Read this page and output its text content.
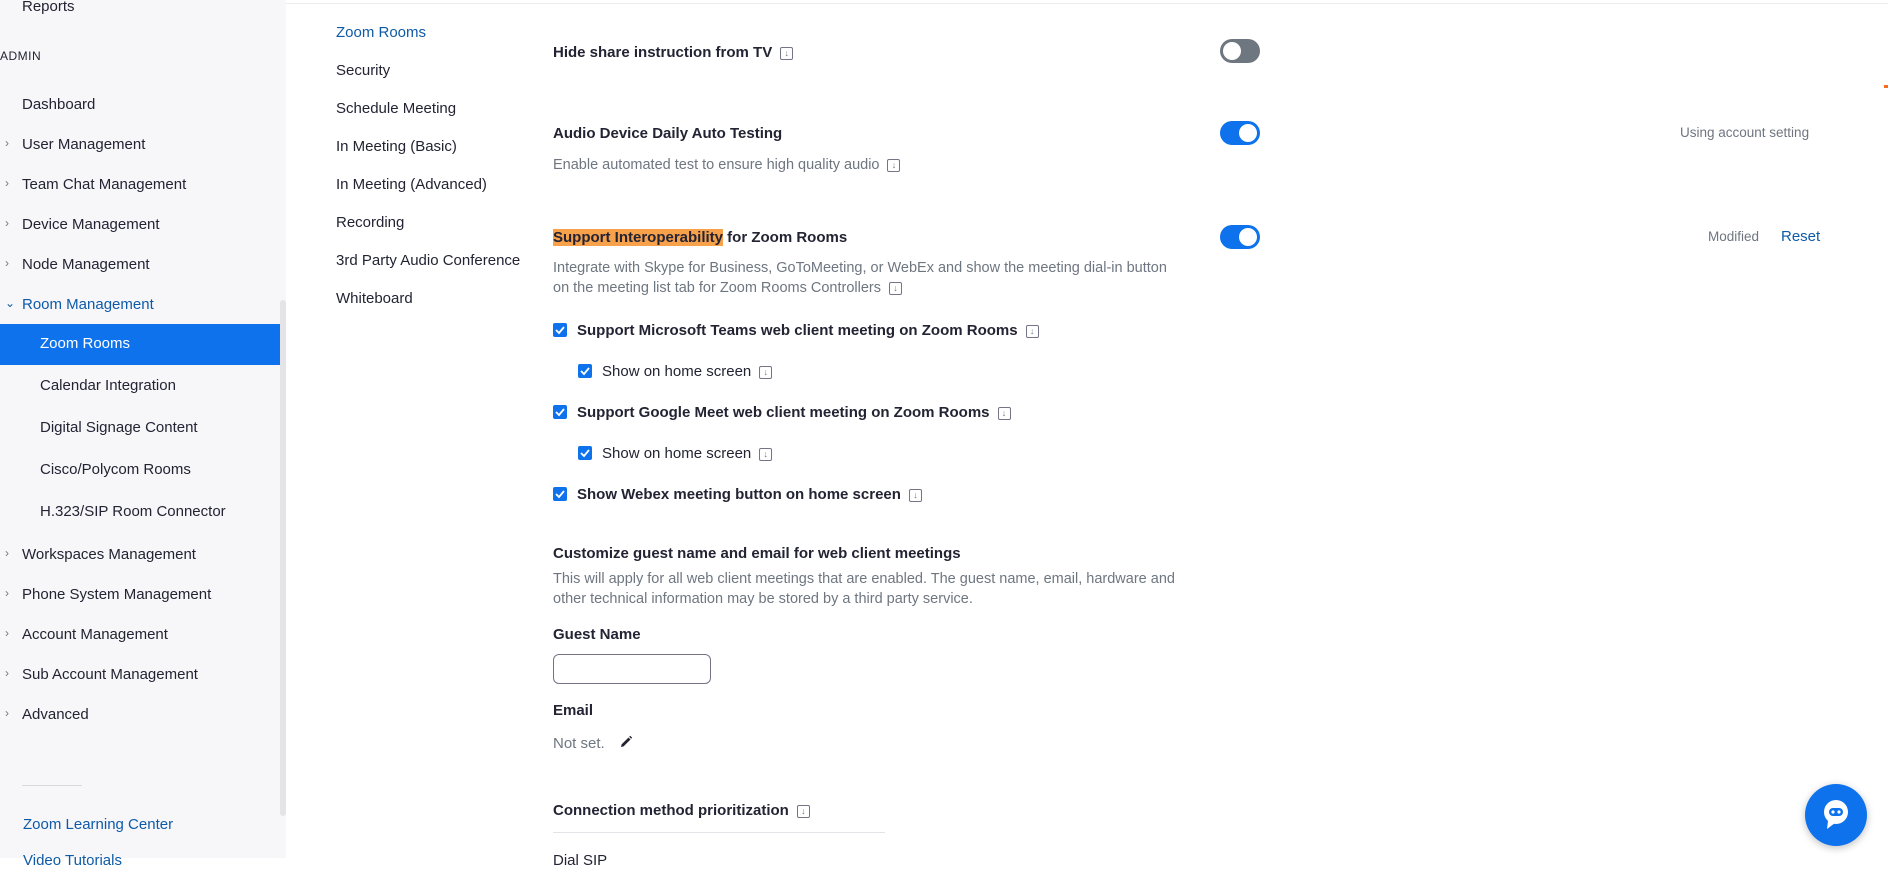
Reports
ADMIN
Dashboard
› User Management
› Team Chat Management
› Device Management
› Node Management
⌄ Room Management
Zoom Rooms
Calendar Integration
Digital Signage Content
Cisco/Polycom Rooms
H.323/SIP Room Connector
› Workspaces Management
› Phone System Management
› Account Management
› Sub Account Management
› Advanced
Zoom Learning Center
Video Tutorials
Zoom Rooms
Security
Schedule Meeting
In Meeting (Basic)
In Meeting (Advanced)
Recording
3rd Party Audio Conference
Whiteboard
Hide share instruction from TV ↓
Audio Device Daily Auto Testing
Enable automated test to ensure high quality audio ↓
Using account setting
Support Interoperability for Zoom Rooms
Integrate with Skype for Business, GoToMeeting, or WebEx and show the meeting dial-in button
on the meeting list tab for Zoom Rooms Controllers ↓
Modified Reset
Support Microsoft Teams web client meeting on Zoom Rooms ↓
Show on home screen ↓
Support Google Meet web client meeting on Zoom Rooms ↓
Show on home screen ↓
Show Webex meeting button on home screen ↓
Customize guest name and email for web client meetings
This will apply for all web client meetings that are enabled. The guest name, email, hardware and
other technical information may be stored by a third party service.
Guest Name
Email
Not set.
Connection method prioritization ↓
Dial SIP
